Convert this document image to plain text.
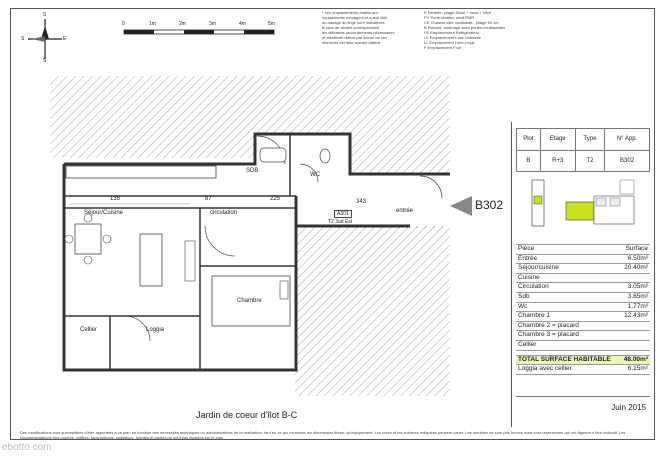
E
S
S
S
0	1m	2m	3m	4m	5m
* Les emplacements établis aux
équipements ménagers et à leur tâle
au tracage du linge sont indicatives
le plan de ventes correspondant
les différents raccordements nécessaires
et électricité relève par aucun de ces
éléments est faire suivant obtenir
E Fenêtre, pliage 60cm + sous + Vitré
PV Porte-fenêtre, seuil PMR
CE Chassis vitré oscillobatt., pliage 60 cm
B Placard, aménagé avec portes coulissantes
FE Emplacement Réfrigérateur
LV Emplacement Lave-Vaisselle
LL Emplacement Lave-Linge
F Emplacement Four
Séjour/Cuisine	circulation	entrée
SDB
WC
Chambre
Cellier	Loggia
A301
T2 3ud Est
135	87	343
225	B302
Plot	Etage	Type	N° App.
B	R+3	T2	B302
Pièce	Surface
Entrée	6.50m²
Séjour/cuisine	20.40m²
Cuisine
Circulation	3.05m²
Sdb	3.85m²
Wc	1.77m²
Chambre 1	12.43m²
Chambre 2 = placard
Chambre 3 = placard
Cellier
TOTAL SURFACE HABITABLE 48.00m²
Loggia avec cellier	6.15m²
Jardin de coeur d'îlot B-C
Juin 2015
Des modifications sont susceptibles d'être apportées à ce plan en fonction des nécessités techniques ou administratives de la réalisation, tant en ce qui concerne les dimensions fibres, qu'équipement. Les cotes et les surfaces indiquées peuvent varier. Les meubles ne sont pas fournis mais sont représentés qui ont figurent à titre indicatif. Les recommandations des poutres, soffites, fauxplafonds, radiateurs, trémies et parties ne sont pas figurées sur le plan
ebotto.com
